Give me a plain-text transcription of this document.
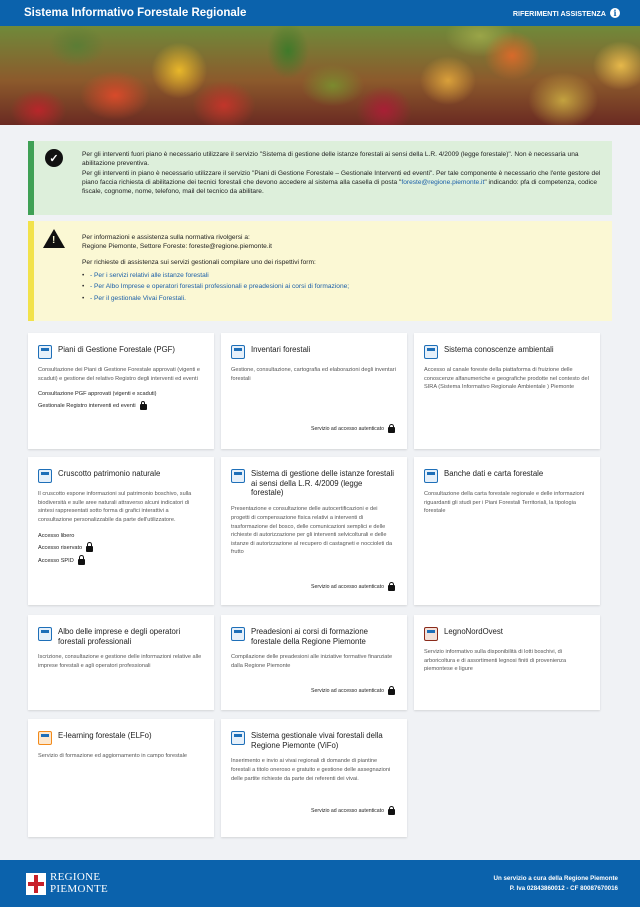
Sistema Informativo Forestale Regionale	RIFERIMENTI ASSISTENZA i
✓	Per gli interventi fuori piano è necessario utilizzare il servizio "Sistema di gestione delle istanze forestali ai sensi della L.R. 4/2009 (legge forestale)". Non è necessaria una abilitazione preventiva.

Per gli interventi in piano è necessario utilizzare il servizio "Piani di Gestione Forestale – Gestionale Interventi ed eventi". Per tale componente è necessario che l'ente gestore del piano faccia richiesta di abilitazione dei tecnici forestali che devono accedere al sistema alla casella di posta "foreste@regione.piemonte.it" indicando: pfa di competenza, codice fiscale, cognome, nome, telefono, mail del tecnico da abilitare.

!	Per informazioni e assistenza sulla normativa rivolgersi a:

Regione Piemonte, Settore Foreste: foreste@regione.piemonte.it

Per richieste di assistenza sui servizi gestionali compilare uno dei rispettivi form:

• - Per i servizi relativi alle istanze forestali
• - Per Albo Imprese e operatori forestali professionali e preadesioni ai corsi di formazione;
• - Per il gestionale Vivai Forestali.
Piani di Gestione Forestale (PGF)
Consultazione dei Piani di Gestione Forestale approvati (vigenti e scaduti) e gestione del relativo Registro degli interventi ed eventi
Consultazione PGF approvati (vigenti e scaduti)
Gestionale Registro interventi ed eventi
Inventari forestali
Gestione, consultazione, cartografia ed elaborazioni degli inventari forestali
Servizio ad accesso autenticato
Sistema conoscenze ambientali
Accesso al canale foreste della piattaforma di fruizione delle conoscenze alfanumeriche e geografiche prodotte nel contesto del SIRA (Sistema Informativo Regionale Ambientale ) Piemonte
Cruscotto patrimonio naturale
Il cruscotto espone informazioni sul patrimonio boschivo, sulla biodiversità e sulle aree naturali attraverso alcuni indicatori di sintesi rappresentati sotto forma di grafici interattivi a consultazione personalizzabile da parte dell'utilizzatore.
Accesso libero
Accesso riservato
Accesso SPID
Sistema di gestione delle istanze forestali ai sensi della L.R. 4/2009 (legge forestale)
Presentazione e consultazione delle autocertificazioni e dei progetti di compensazione fisica relativi a interventi di trasformazione del bosco, delle comunicazioni semplici e delle richieste di autorizzazione per gli interventi selvicolturali e delle istanze di autorizzazione al recupero di castagneti e noccioleti da frutto
Servizio ad accesso autenticato
Banche dati e carta forestale
Consultazione della carta forestale regionale e delle informazioni riguardanti gli studi per i Piani Forestali Territoriali, la tipologia forestale
Albo delle imprese e degli operatori forestali professionali
Iscrizione, consultazione e gestione delle informazioni relative alle imprese forestali e agli operatori professionali
Preadesioni ai corsi di formazione forestale della Regione Piemonte
Compilazione delle preadesioni alle iniziative formative finanziate dalla Regione Piemonte
Servizio ad accesso autenticato
LegnoNordOvest
Servizio informativo sulla disponibilità di lotti boschivi, di arboricoltura e di assortimenti legnosi finiti di provenienza piemontese e ligure
E-learning forestale (ELFo)
Servizio di formazione ed aggiornamento in campo forestale
Sistema gestionale vivai forestali della Regione Piemonte (ViFo)
Inserimento e invio ai vivai regionali di domande di piantine forestali a titolo oneroso e gratuito e gestione delle assegnazioni delle partite richieste da parte dei referenti dei vivai.
Servizio ad accesso autenticato
REGIONE
PIEMONTE
Un servizio a cura della Regione Piemonte
P. Iva 02843860012 - CF 80087670016
